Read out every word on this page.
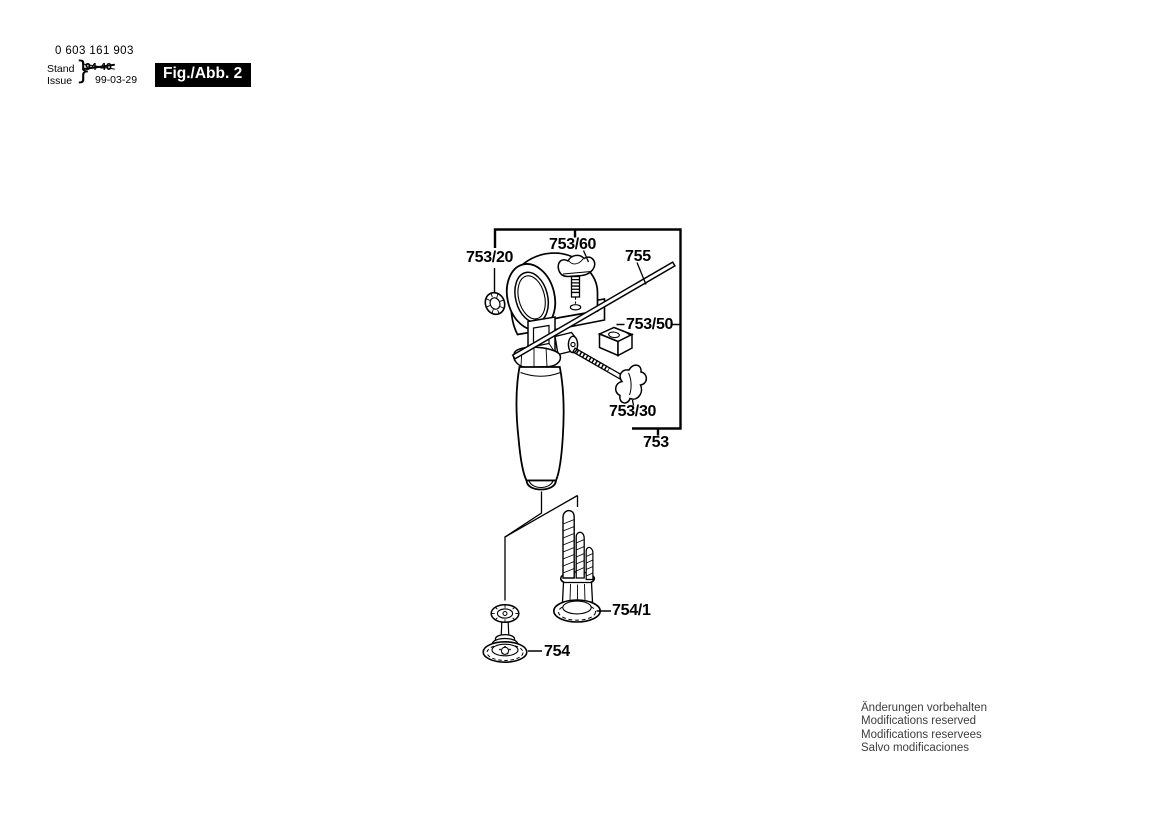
0 603 161 903
Stand
Issue }
94-40
99-03-29	Fig./Abb. 2
753/20
753/60
755
753/50
753/30
753
754/1
754
Änderungen vorbehalten
Modifications reserved
Modifications reservees
Salvo modificaciones
